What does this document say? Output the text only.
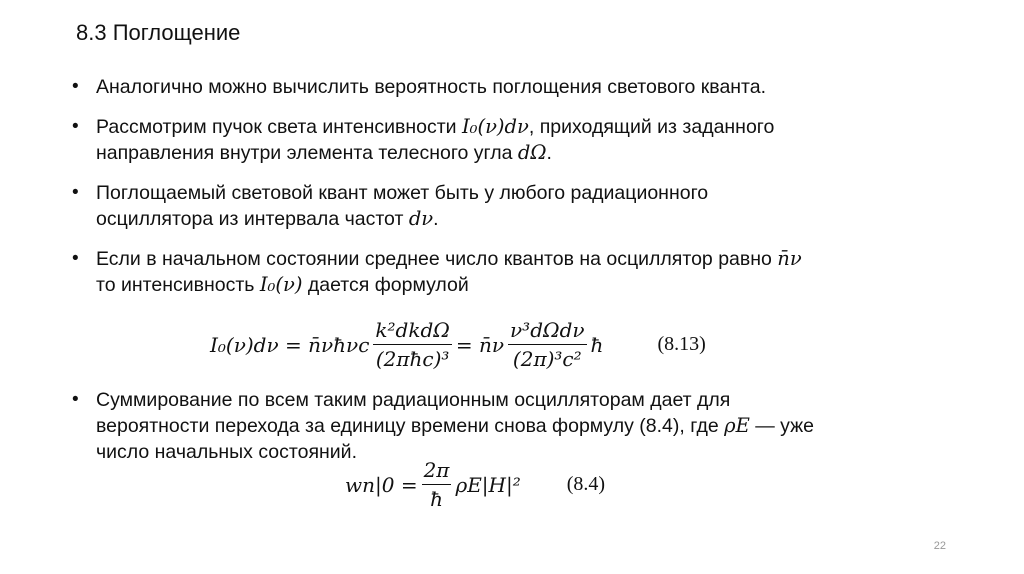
8.3 Поглощение
• Аналогично можно вычислить вероятность поглощения светового кванта.
• Рассмотрим пучок света интенсивности I₀(ν)dν, приходящий из заданного
направления внутри элемента телесного угла dΩ.
• Поглощаемый световой квант может быть у любого радиационного
осциллятора из интервала частот dν.
• Если в начальном состоянии среднее число квантов на осциллятор равно n̄ν
то интенсивность I₀(ν) дается формулой
I₀(ν)dν = n̄νħνc $\frac{\text{k²dkdΩ}}{\text{(2πħc)³}}$ = n̄ν $\frac{\text{ν³dΩdν}}{\text{(2π)³c²}}$ ħ	(8.13)
• Суммирование по всем таким радиационным осцилляторам дает для
вероятности перехода за единицу времени снова формулу (8.4), где ρE — уже
число начальных состояний.
$wn|0 = \frac{2\pi}{ħ} \rho E|H|^2$ (8.4)
22
